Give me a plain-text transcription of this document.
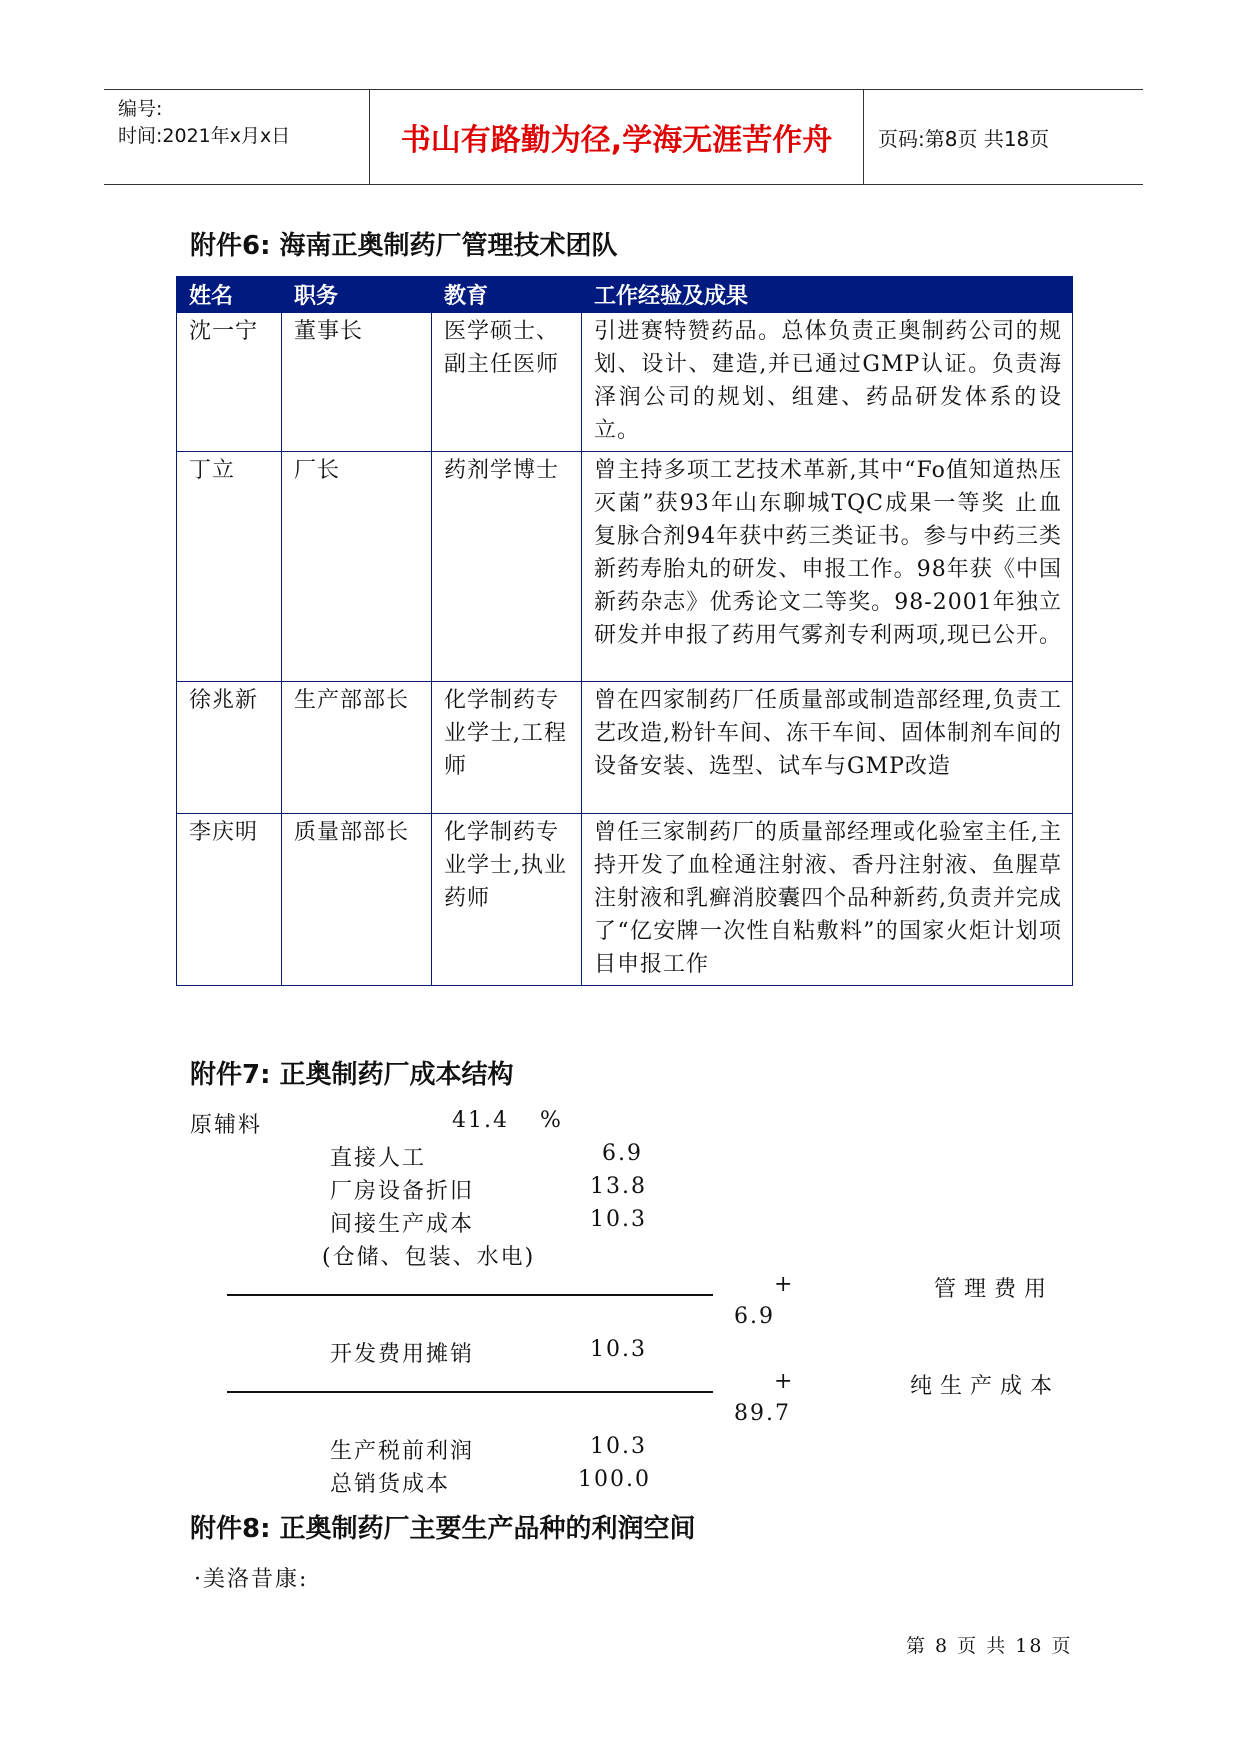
编号:
时间:2021年x月x日	书山有路勤为径,学海无涯苦作舟	页码:第8页 共18页
附件6: 海南正奥制药厂管理技术团队
姓名	职务	教育	工作经验及成果
沈一宁	董事长	医学硕士、副主任医师	引进赛特赞药品。总体负责正奥制药公司的规划、设计、建造,并已通过GMP认证。负责海泽润公司的规划、组建、药品研发体系的设立。
丁立	厂长	药剂学博士	曾主持多项工艺技术革新,其中“Fo值知道热压灭菌”获93年山东聊城TQC成果一等奖 止血复脉合剂94年获中药三类证书。参与中药三类新药寿胎丸的研发、申报工作。98年获《中国新药杂志》优秀论文二等奖。98-2001年独立研发并申报了药用气雾剂专利两项,现已公开。
徐兆新	生产部部长	化学制药专业学士,工程师	曾在四家制药厂任质量部或制造部经理,负责工艺改造,粉针车间、冻干车间、固体制剂车间的设备安装、选型、试车与GMP改造
李庆明	质量部部长	化学制药专业学士,执业药师	曾任三家制药厂的质量部经理或化验室主任,主持开发了血栓通注射液、香丹注射液、鱼腥草注射液和乳癣消胶囊四个品种新药,负责并完成了“亿安牌一次性自粘敷料”的国家火炬计划项目申报工作
附件7: 正奥制药厂成本结构
原辅料	41.4 %
直接人工	6.9
厂房设备折旧	13.8
间接生产成本	10.3
(仓储、包装、水电)
+	管理费用
6.9
开发费用摊销	10.3
+	纯生产成本
89.7
生产税前利润	10.3
总销货成本	100.0
附件8: 正奥制药厂主要生产品种的利润空间
·美洛昔康:
第 8 页 共 18 页
